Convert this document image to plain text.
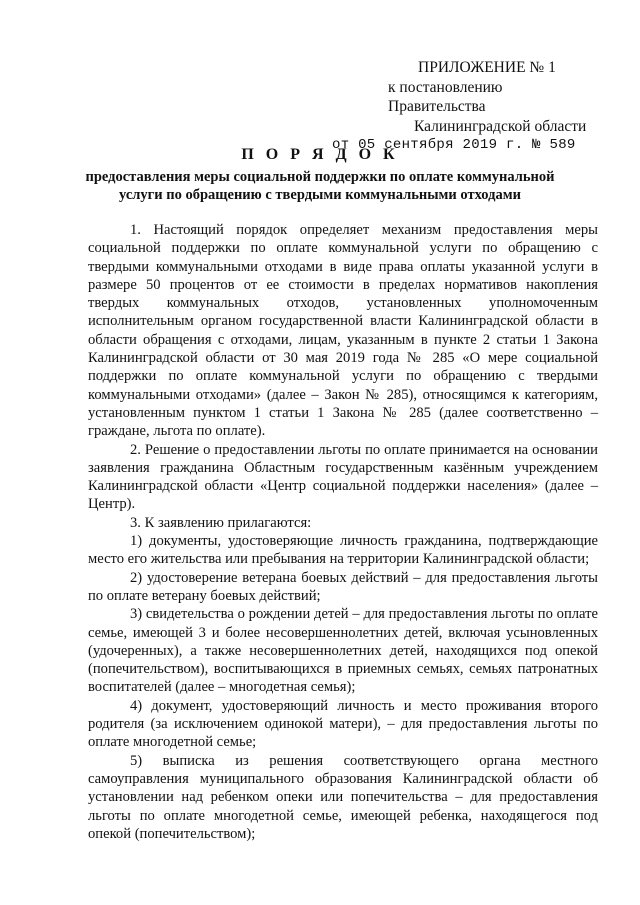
ПРИЛОЖЕНИЕ № 1
к постановлению Правительства
Калининградской области
от 05 сентября 2019 г. № 589
П О Р Я Д О К
предоставления меры социальной поддержки по оплате коммунальной услуги по обращению с твердыми коммунальными отходами

1. Настоящий порядок определяет механизм предоставления меры социальной поддержки по оплате коммунальной услуги по обращению с твердыми коммунальными отходами в виде права оплаты указанной услуги в размере 50 процентов от ее стоимости в пределах нормативов накопления твердых коммунальных отходов, установленных уполномоченным исполнительным органом государственной власти Калининградской области в области обращения с отходами, лицам, указанным в пункте 2 статьи 1 Закона Калининградской области от 30 мая 2019 года № 285 «О мере социальной поддержки по оплате коммунальной услуги по обращению с твердыми коммунальными отходами» (далее – Закон № 285), относящимся к категориям, установленным пунктом 1 статьи 1 Закона № 285 (далее соответственно – граждане, льгота по оплате).

2. Решение о предоставлении льготы по оплате принимается на основании заявления гражданина Областным государственным казённым учреждением Калининградской области «Центр социальной поддержки населения» (далее – Центр).

3. К заявлению прилагаются:

1) документы, удостоверяющие личность гражданина, подтверждающие место его жительства или пребывания на территории Калининградской области;

2) удостоверение ветерана боевых действий – для предоставления льготы по оплате ветерану боевых действий;

3) свидетельства о рождении детей – для предоставления льготы по оплате семье, имеющей 3 и более несовершеннолетних детей, включая усыновленных (удочеренных), а также несовершеннолетних детей, находящихся под опекой (попечительством), воспитывающихся в приемных семьях, семьях патронатных воспитателей (далее – многодетная семья);

4) документ, удостоверяющий личность и место проживания второго родителя (за исключением одинокой матери), – для предоставления льготы по оплате многодетной семье;

5) выписка из решения соответствующего органа местного самоуправления муниципального образования Калининградской области об установлении над ребенком опеки или попечительства – для предоставления льготы по оплате многодетной семье, имеющей ребенка, находящегося под опекой (попечительством);
